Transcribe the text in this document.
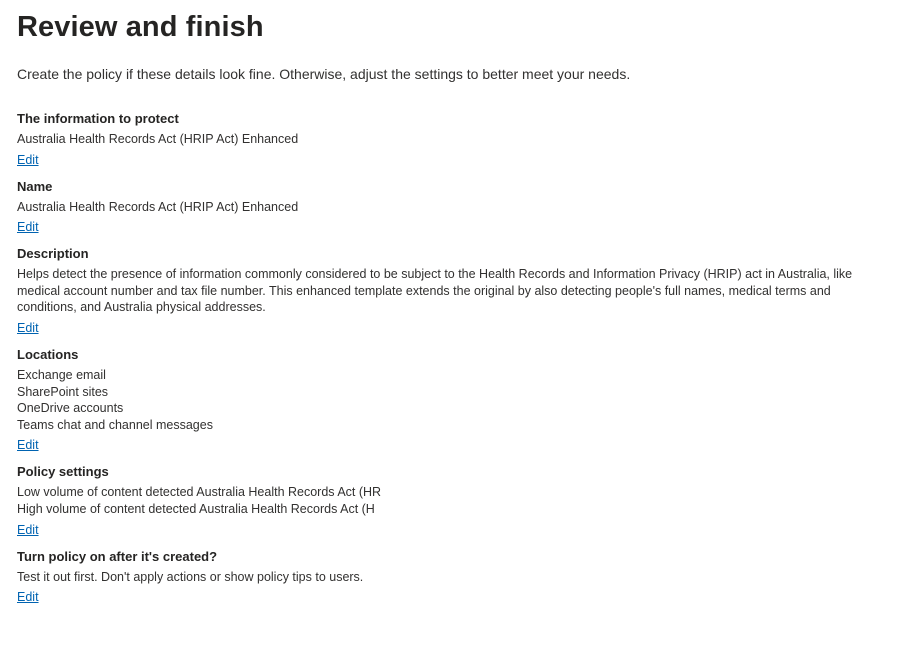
Review and finish

Create the policy if these details look fine. Otherwise, adjust the settings to better meet your needs.

The information to protect

Australia Health Records Act (HRIP Act) Enhanced

Edit
Name

Australia Health Records Act (HRIP Act) Enhanced

Edit
Description

Helps detect the presence of information commonly considered to be subject to the Health Records and Information Privacy (HRIP) act in Australia, like medical account number and tax file number. This enhanced template extends the original by also detecting people's full names, medical terms and conditions, and Australia physical addresses.

Edit
Locations
Exchange email
SharePoint sites
OneDrive accounts
Teams chat and channel messages
Edit
Policy settings
Low volume of content detected Australia Health Records Act (HR
High volume of content detected Australia Health Records Act (H
Edit
Turn policy on after it's created?

Test it out first. Don't apply actions or show policy tips to users.

Edit
